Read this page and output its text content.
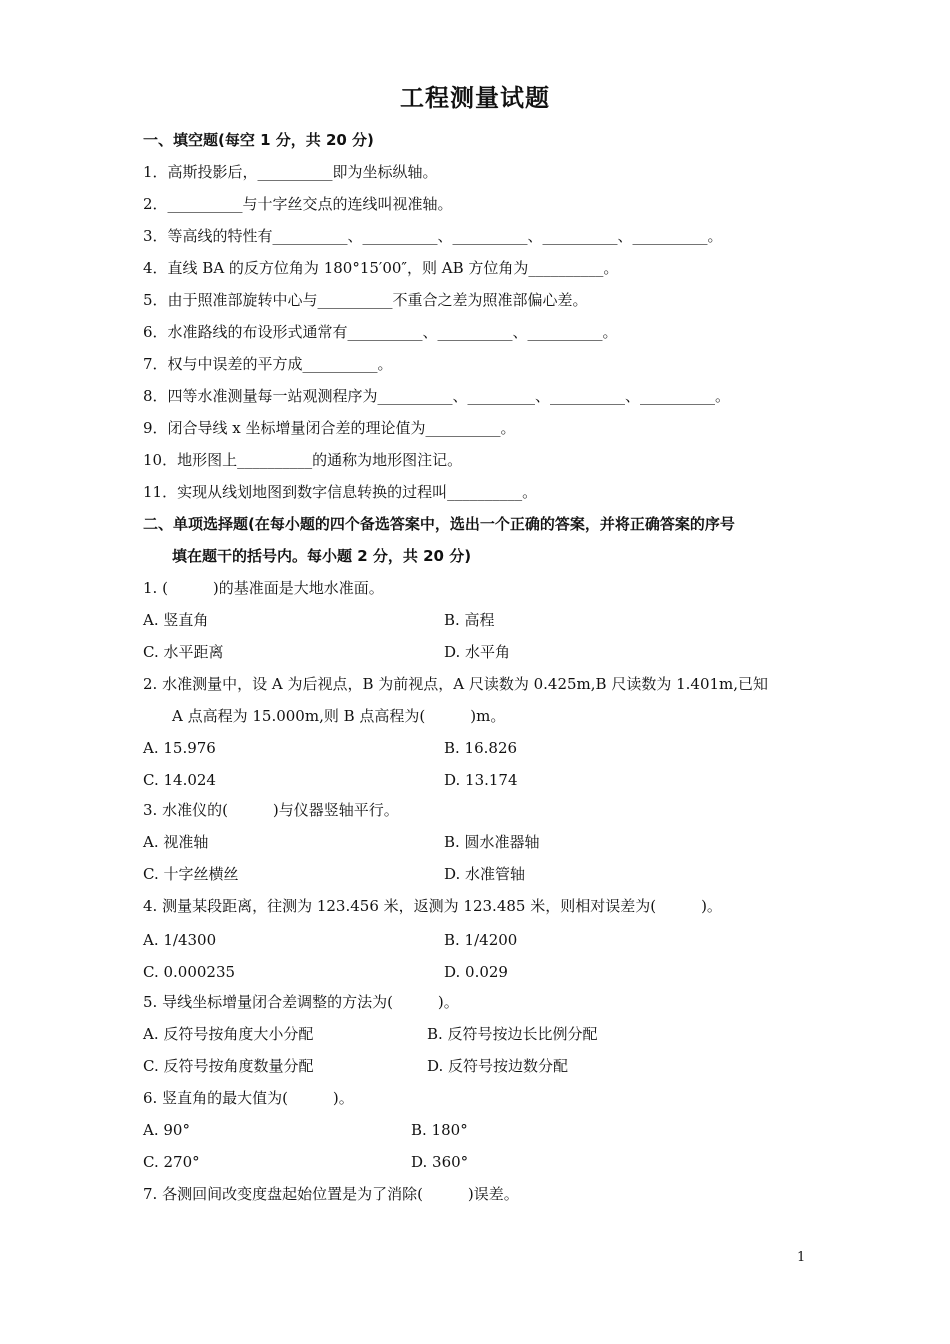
工程测量试题
一、填空题(每空 1 分，共 20 分)
1．高斯投影后，__________即为坐标纵轴。
2．__________与十字丝交点的连线叫视准轴。
3．等高线的特性有__________、__________、__________、__________、__________。
4．直线 BA 的反方位角为 180°15′00″，则 AB 方位角为__________。
5．由于照准部旋转中心与__________不重合之差为照准部偏心差。
6．水准路线的布设形式通常有__________、__________、__________。
7．权与中误差的平方成__________。
8．四等水准测量每一站观测程序为__________、_________、__________、__________。
9．闭合导线 x 坐标增量闭合差的理论值为__________。
10．地形图上__________的通称为地形图注记。
11．实现从线划地图到数字信息转换的过程叫__________。
二、单项选择题(在每小题的四个备选答案中，选出一个正确的答案，并将正确答案的序号
填在题干的括号内。每小题 2 分，共 20 分)
1. (　　　)的基准面是大地水准面。
A. 竖直角	B. 高程
C. 水平距离	D. 水平角
2. 水准测量中，设 A 为后视点，B 为前视点，A 尺读数为 0.425m,B 尺读数为 1.401m,已知
A 点高程为 15.000m,则 B 点高程为(　　　)m。
A. 15.976	B. 16.826
C. 14.024	D. 13.174
3. 水准仪的(　　　)与仪器竖轴平行。
A. 视准轴	B. 圆水准器轴
C. 十字丝横丝	D. 水准管轴
4. 测量某段距离，往测为 123.456 米，返测为 123.485 米，则相对误差为(　　　)。
A. 1/4300	B. 1/4200
C. 0.000235	D. 0.029
5. 导线坐标增量闭合差调整的方法为(　　　)。
A. 反符号按角度大小分配	B. 反符号按边长比例分配
C. 反符号按角度数量分配	D. 反符号按边数分配
6. 竖直角的最大值为(　　　)。
A. 90°	B. 180°
C. 270°	D. 360°
7. 各测回间改变度盘起始位置是为了消除(　　　)误差。
1
